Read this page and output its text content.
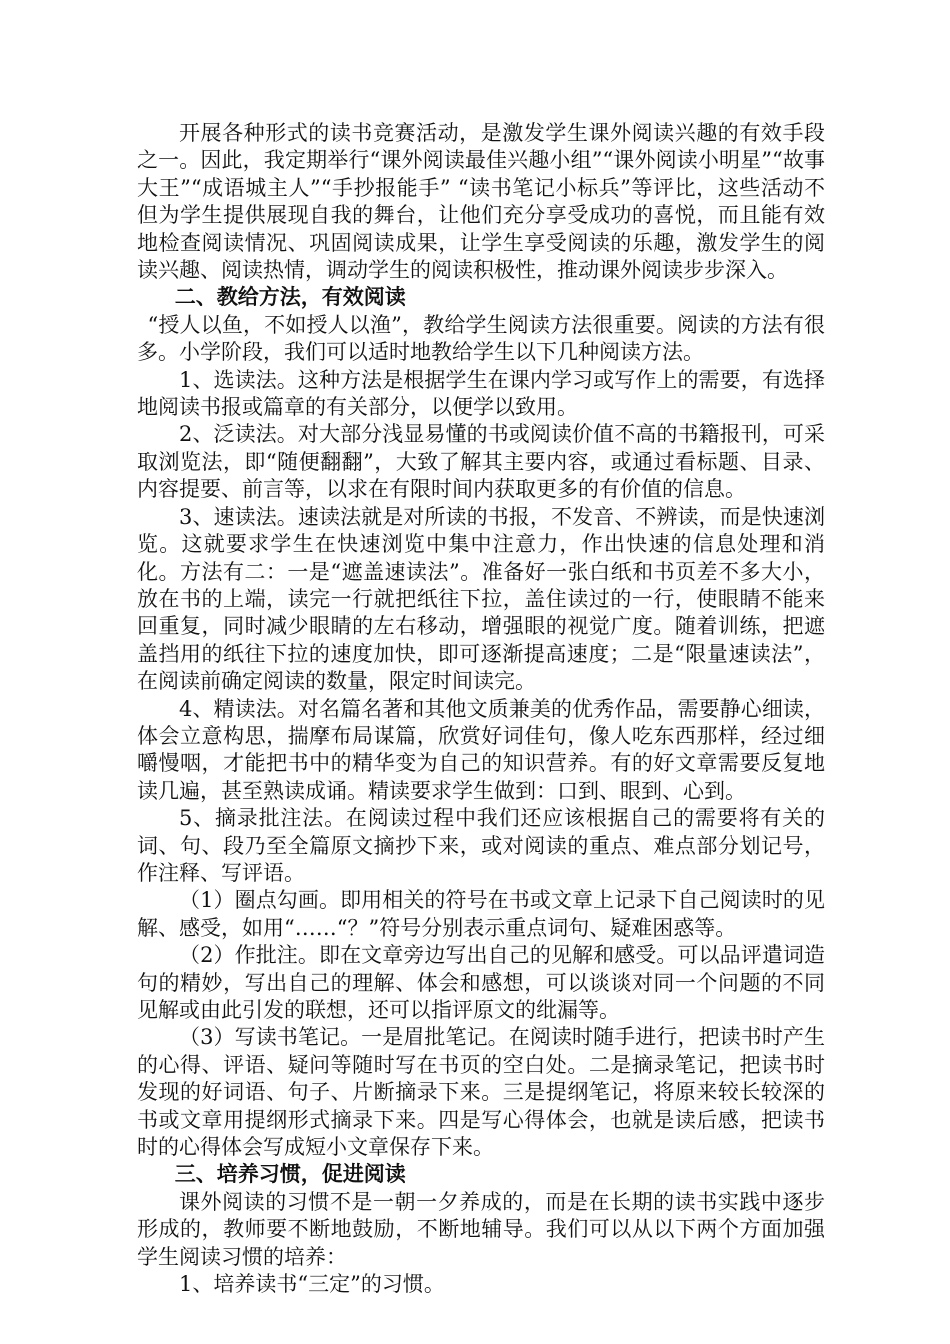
开展各种形式的读书竞赛活动，是激发学生课外阅读兴趣的有效手段之一。因此，我定期举行“课外阅读最佳兴趣小组”“课外阅读小明星”“故事大王”“成语城主人”“手抄报能手” “读书笔记小标兵”等评比，这些活动不但为学生提供展现自我的舞台，让他们充分享受成功的喜悦，而且能有效地检查阅读情况、巩固阅读成果，让学生享受阅读的乐趣，激发学生的阅读兴趣、阅读热情，调动学生的阅读积极性，推动课外阅读步步深入。

二、教给方法，有效阅读

“授人以鱼，不如授人以渔”，教给学生阅读方法很重要。阅读的方法有很多。小学阶段，我们可以适时地教给学生以下几种阅读方法。

1、选读法。这种方法是根据学生在课内学习或写作上的需要，有选择地阅读书报或篇章的有关部分，以便学以致用。

2、泛读法。对大部分浅显易懂的书或阅读价值不高的书籍报刊，可采取浏览法，即“随便翻翻”，大致了解其主要内容，或通过看标题、目录、内容提要、前言等，以求在有限时间内获取更多的有价值的信息。

3、速读法。速读法就是对所读的书报，不发音、不辨读，而是快速浏览。这就要求学生在快速浏览中集中注意力，作出快速的信息处理和消化。方法有二：一是“遮盖速读法”。准备好一张白纸和书页差不多大小，放在书的上端，读完一行就把纸往下拉，盖住读过的一行，使眼睛不能来回重复，同时减少眼睛的左右移动，增强眼的视觉广度。随着训练，把遮盖挡用的纸往下拉的速度加快，即可逐渐提高速度；二是“限量速读法”，在阅读前确定阅读的数量，限定时间读完。

4、精读法。对名篇名著和其他文质兼美的优秀作品，需要静心细读，体会立意构思，揣摩布局谋篇，欣赏好词佳句，像人吃东西那样，经过细嚼慢咽，才能把书中的精华变为自己的知识营养。有的好文章需要反复地读几遍，甚至熟读成诵。精读要求学生做到：口到、眼到、心到。

5、摘录批注法。在阅读过程中我们还应该根据自己的需要将有关的词、句、段乃至全篇原文摘抄下来，或对阅读的重点、难点部分划记号，作注释、写评语。

（1）圈点勾画。即用相关的符号在书或文章上记录下自己阅读时的见解、感受，如用“……“？”符号分别表示重点词句、疑难困惑等。

（2）作批注。即在文章旁边写出自己的见解和感受。可以品评遣词造句的精妙，写出自己的理解、体会和感想，可以谈谈对同一个问题的不同见解或由此引发的联想，还可以指评原文的纰漏等。

（3）写读书笔记。一是眉批笔记。在阅读时随手进行，把读书时产生的心得、评语、疑问等随时写在书页的空白处。二是摘录笔记，把读书时发现的好词语、句子、片断摘录下来。三是提纲笔记，将原来较长较深的书或文章用提纲形式摘录下来。四是写心得体会，也就是读后感，把读书时的心得体会写成短小文章保存下来。

三、培养习惯，促进阅读

课外阅读的习惯不是一朝一夕养成的，而是在长期的读书实践中逐步形成的，教师要不断地鼓励，不断地辅导。我们可以从以下两个方面加强学生阅读习惯的培养：

1、培养读书“三定”的习惯。
